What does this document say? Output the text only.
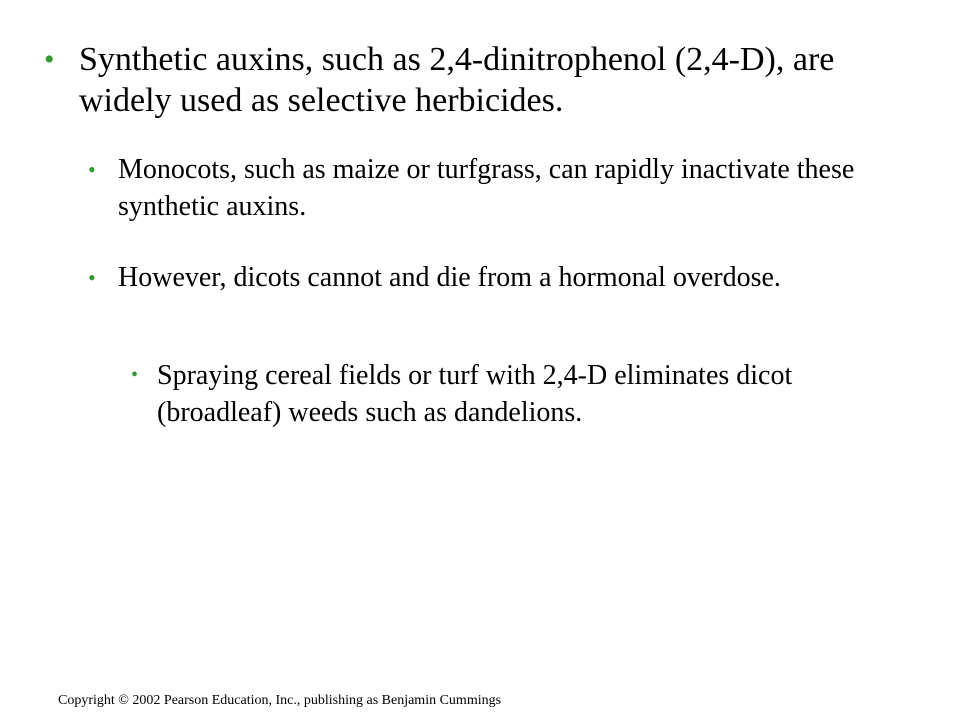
• Synthetic auxins, such as 2,4-dinitrophenol (2,4-D), are widely used as selective herbicides.
• Monocots, such as maize or turfgrass, can rapidly inactivate these synthetic auxins.
• However, dicots cannot and die from a hormonal overdose.
• Spraying cereal fields or turf with 2,4-D eliminates dicot (broadleaf) weeds such as dandelions.
Copyright © 2002 Pearson Education, Inc., publishing as Benjamin Cummings
